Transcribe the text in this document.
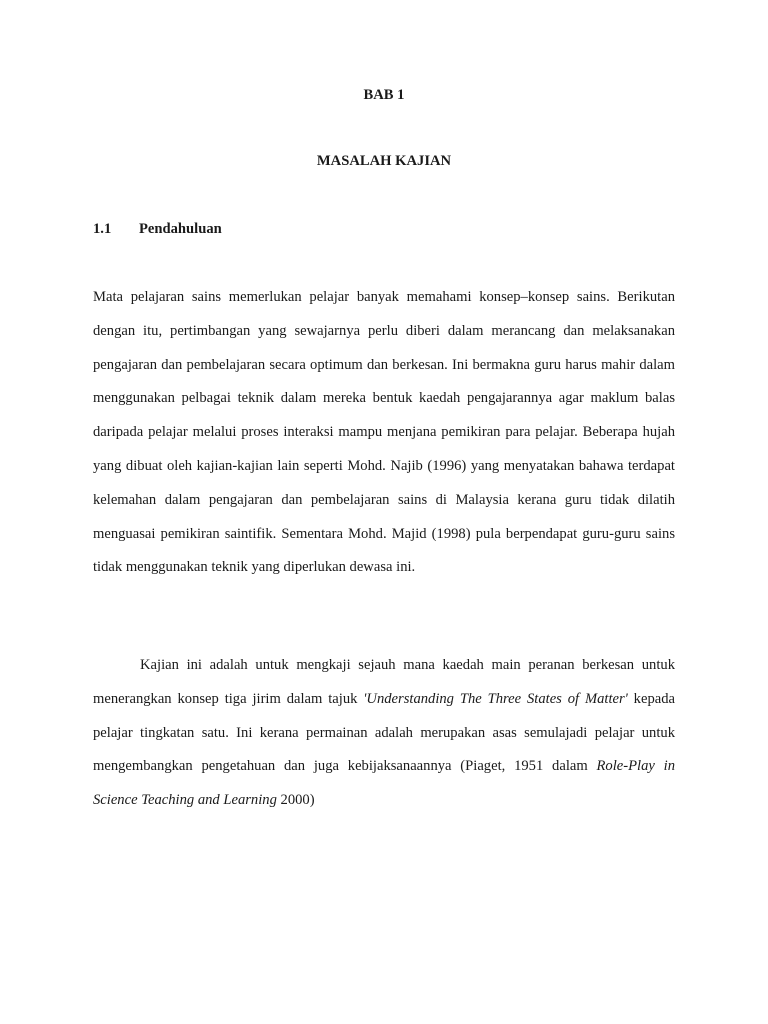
BAB 1

MASALAH KAJIAN

1.1 Pendahuluan

Mata pelajaran sains memerlukan pelajar banyak memahami konsep–konsep sains. Berikutan dengan itu, pertimbangan yang sewajarnya perlu diberi dalam merancang dan melaksanakan pengajaran dan pembelajaran secara optimum dan berkesan. Ini bermakna guru harus mahir dalam menggunakan pelbagai teknik dalam mereka bentuk kaedah pengajarannya agar maklum balas daripada pelajar melalui proses interaksi mampu menjana pemikiran para pelajar. Beberapa hujah yang dibuat oleh kajian-kajian lain seperti Mohd. Najib (1996) yang menyatakan bahawa terdapat kelemahan dalam pengajaran dan pembelajaran sains di Malaysia kerana guru tidak dilatih menguasai pemikiran saintifik. Sementara Mohd. Majid (1998) pula berpendapat guru-guru sains tidak menggunakan teknik yang diperlukan dewasa ini.

Kajian ini adalah untuk mengkaji sejauh mana kaedah main peranan berkesan untuk menerangkan konsep tiga jirim dalam tajuk 'Understanding The Three States of Matter' kepada pelajar tingkatan satu. Ini kerana permainan adalah merupakan asas semulajadi pelajar untuk mengembangkan pengetahuan dan juga kebijaksanaannya (Piaget, 1951 dalam Role-Play in Science Teaching and Learning 2000)
